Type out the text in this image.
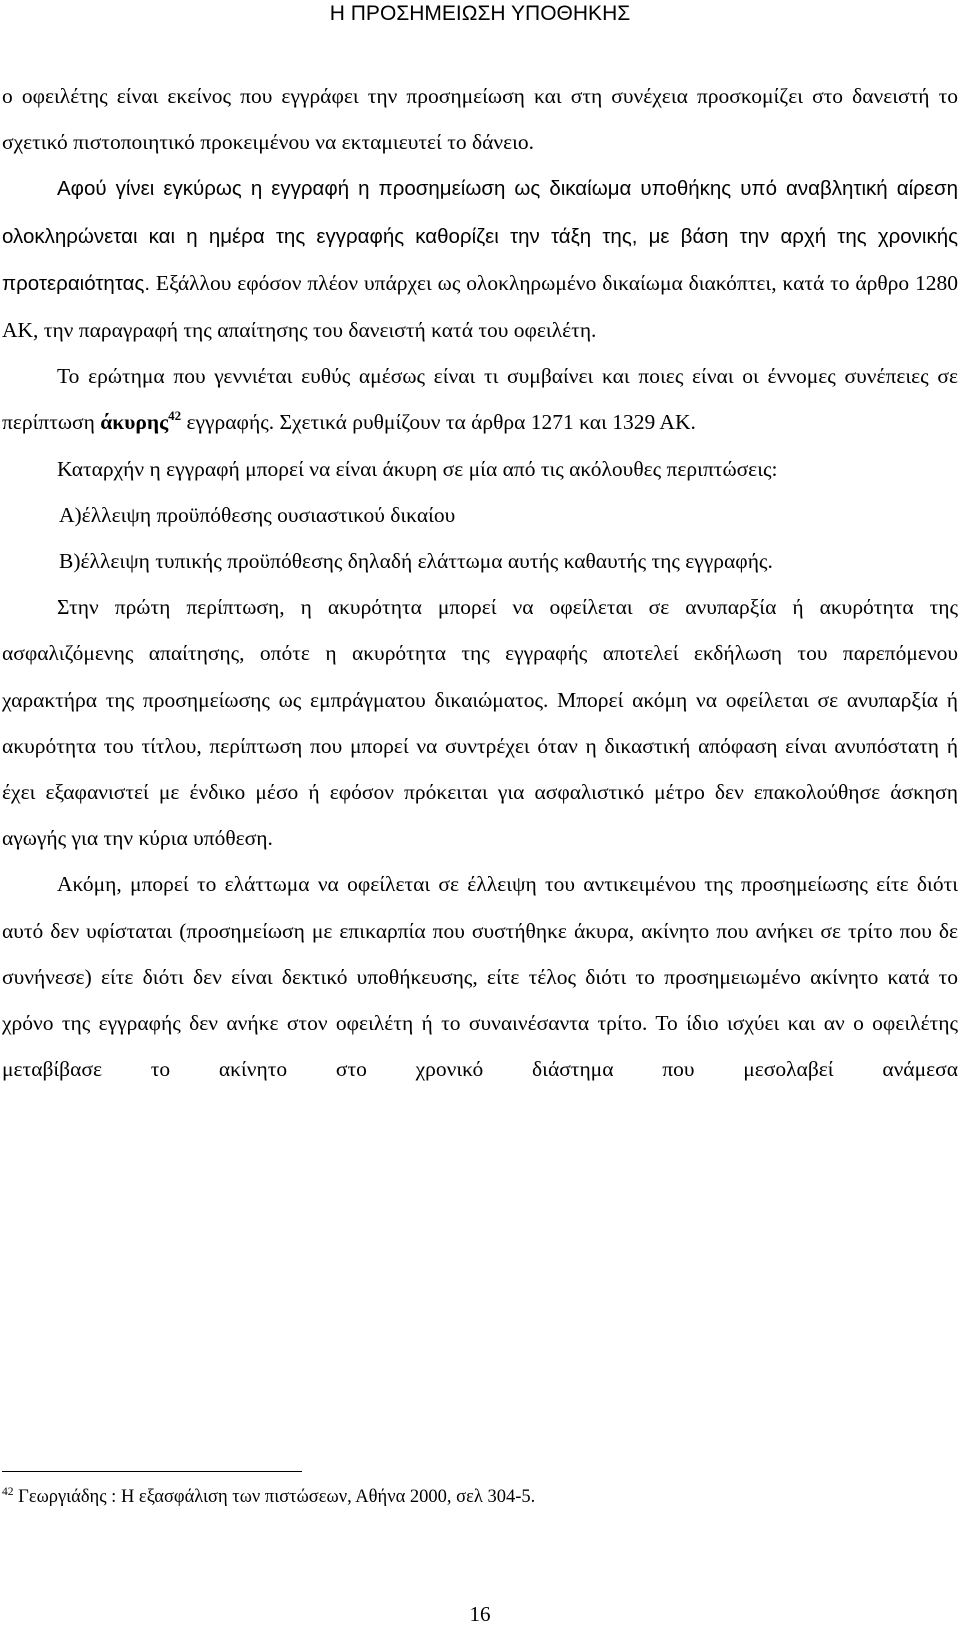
Η ΠΡΟΣΗΜΕΙΩΣΗ ΥΠΟΘΗΚΗΣ

ο οφειλέτης είναι εκείνος που εγγράφει την προσημείωση και στη συνέχεια προσκομίζει στο δανειστή το σχετικό πιστοποιητικό προκειμένου να εκταμιευτεί το δάνειο.

Αφού γίνει εγκύρως η εγγραφή η προσημείωση ως δικαίωμα υποθήκης υπό αναβλητική αίρεση ολοκληρώνεται και η ημέρα της εγγραφής καθορίζει την τάξη της, με βάση την αρχή της χρονικής προτεραιότητας. Εξάλλου εφόσον πλέον υπάρχει ως ολοκληρωμένο δικαίωμα διακόπτει, κατά το άρθρο 1280 ΑΚ, την παραγραφή της απαίτησης του δανειστή κατά του οφειλέτη.

Το ερώτημα που γεννιέται ευθύς αμέσως είναι τι συμβαίνει και ποιες είναι οι έννομες συνέπειες σε περίπτωση άκυρης$^{42}$ εγγραφής. Σχετικά ρυθμίζουν τα άρθρα 1271 και 1329 ΑΚ.

Καταρχήν η εγγραφή μπορεί να είναι άκυρη σε μία από τις ακόλουθες περιπτώσεις:

Α)έλλειψη προϋπόθεσης ουσιαστικού δικαίου

Β)έλλειψη τυπικής προϋπόθεσης δηλαδή ελάττωμα αυτής καθαυτής της εγγραφής.

Στην πρώτη περίπτωση, η ακυρότητα μπορεί να οφείλεται σε ανυπαρξία ή ακυρότητα της ασφαλιζόμενης απαίτησης, οπότε η ακυρότητα της εγγραφής αποτελεί εκδήλωση του παρεπόμενου χαρακτήρα της προσημείωσης ως εμπράγματου δικαιώματος. Μπορεί ακόμη να οφείλεται σε ανυπαρξία ή ακυρότητα του τίτλου, περίπτωση που μπορεί να συντρέχει όταν η δικαστική απόφαση είναι ανυπόστατη ή έχει εξαφανιστεί με ένδικο μέσο ή εφόσον πρόκειται για ασφαλιστικό μέτρο δεν επακολούθησε άσκηση αγωγής για την κύρια υπόθεση.

Ακόμη, μπορεί το ελάττωμα να οφείλεται σε έλλειψη του αντικειμένου της προσημείωσης είτε διότι αυτό δεν υφίσταται (προσημείωση με επικαρπία που συστήθηκε άκυρα, ακίνητο που ανήκει σε τρίτο που δε συνήνεσε) είτε διότι δεν είναι δεκτικό υποθήκευσης, είτε τέλος διότι το προσημειωμένο ακίνητο κατά το χρόνο της εγγραφής δεν ανήκε στον οφειλέτη ή το συναινέσαντα τρίτο. Το ίδιο ισχύει και αν ο οφειλέτης μεταβίβασε το ακίνητο στο χρονικό διάστημα που μεσολαβεί ανάμεσα

$^{42}$ Γεωργιάδης : Η εξασφάλιση των πιστώσεων, Αθήνα 2000, σελ 304-5.
16
